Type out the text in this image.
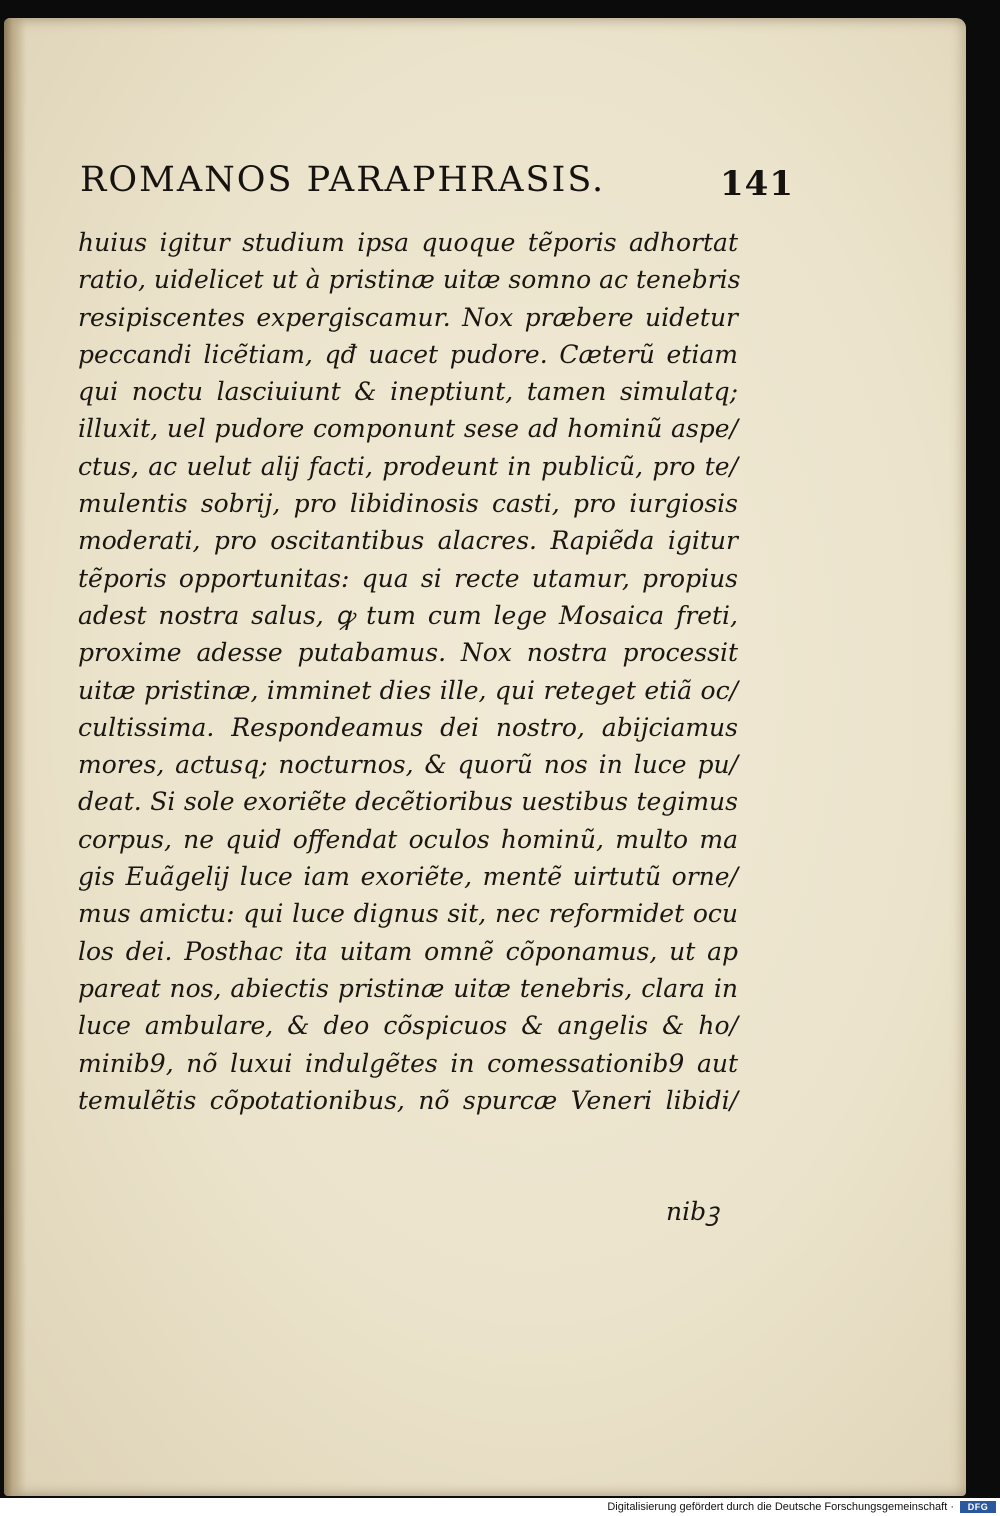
ROMANOS PARAPHRASIS.	141
huius igitur studium ipsa quoque tẽporis adhortat
ratio, uidelicet ut à pristinæ uitæ somno ac tenebris
resipiscentes expergiscamur. Nox præbere uidetur
peccandi licẽtiam, qđ uacet pudore. Cæterũ etiam
qui noctu lasciuiunt & ineptiunt, tamen simulatq;
illuxit, uel pudore componunt sese ad hominũ aspe/
ctus, ac uelut alij facti, prodeunt in publicũ, pro te/
mulentis sobrij, pro libidinosis casti, pro iurgiosis
moderati, pro oscitantibus alacres. Rapiẽda igitur
tẽporis opportunitas: qua si recte utamur, propius
adest nostra salus, ꝙ tum cum lege Mosaica freti,
proxime adesse putabamus. Nox nostra processit
uitæ pristinæ, imminet dies ille, qui reteget etiã oc/
cultissima. Respondeamus dei nostro, abijciamus
mores, actusq; nocturnos, & quorũ nos in luce pu/
deat. Si sole exoriẽte decẽtioribus uestibus tegimus
corpus, ne quid offendat oculos hominũ, multo ma
gis Euãgelij luce iam exoriẽte, mentẽ uirtutũ orne/
mus amictu: qui luce dignus sit, nec reformidet ocu
los dei. Posthac ita uitam omnẽ cõponamus, ut ap
pareat nos, abiectis pristinæ uitæ tenebris, clara in
luce ambulare, & deo cõspicuos & angelis & ho/
minib9, nõ luxui indulgẽtes in comessationib9 aut
temulẽtis cõpotationibus, nõ spurcæ Veneri libidi/
nibꝫ
Digitalisierung gefördert durch die Deutsche Forschungsgemeinschaft ·	DFG
